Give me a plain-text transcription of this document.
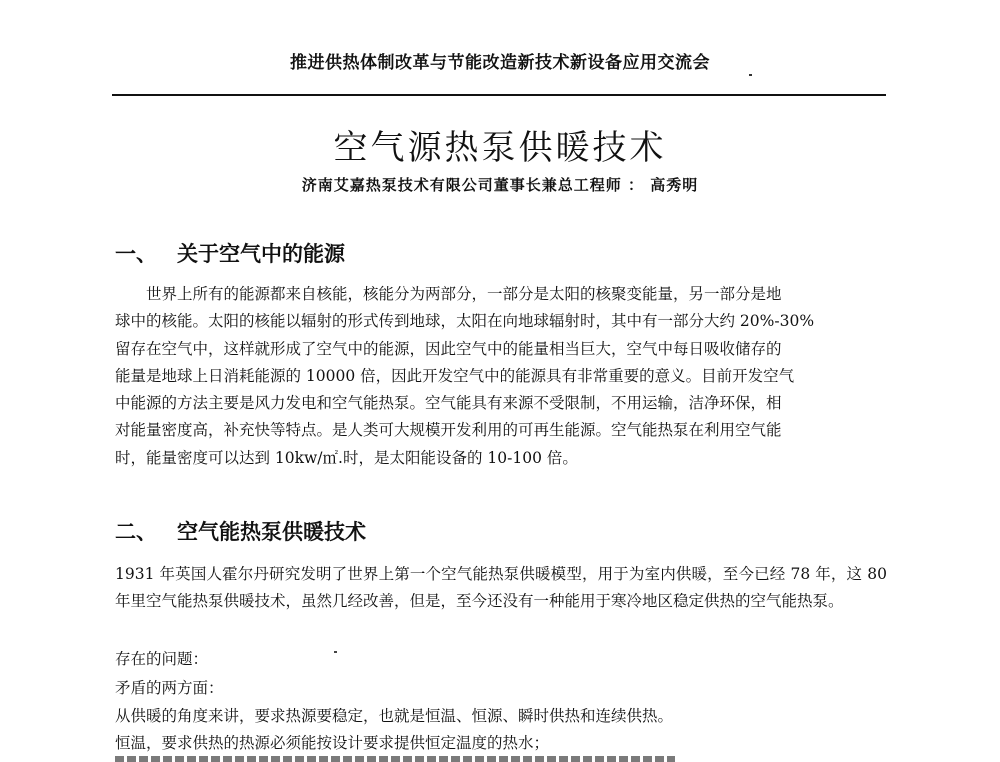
推进供热体制改革与节能改造新技术新设备应用交流会
空气源热泵供暖技术
济南艾嘉热泵技术有限公司董事长兼总工程师 ： 高秀明
一、 关于空气中的能源
　　世界上所有的能源都来自核能，核能分为两部分，一部分是太阳的核聚变能量，另一部分是地
球中的核能。太阳的核能以辐射的形式传到地球，太阳在向地球辐射时，其中有一部分大约 20%-30%
留存在空气中，这样就形成了空气中的能源，因此空气中的能量相当巨大，空气中每日吸收储存的
能量是地球上日消耗能源的 10000 倍，因此开发空气中的能源具有非常重要的意义。目前开发空气
中能源的方法主要是风力发电和空气能热泵。空气能具有来源不受限制，不用运输，洁净环保，相
对能量密度高，补充快等特点。是人类可大规模开发利用的可再生能源。空气能热泵在利用空气能
时，能量密度可以达到 10kw/㎡.时，是太阳能设备的 10-100 倍。
二、 空气能热泵供暖技术
1931 年英国人霍尔丹研究发明了世界上第一个空气能热泵供暖模型，用于为室内供暖，至今已经 78 年，这 80 年里空气能热泵供暖技术，虽然几经改善，但是，至今还没有一种能用于寒冷地区稳定供热的空气能热泵。
存在的问题：
矛盾的两方面：
从供暖的角度来讲，要求热源要稳定，也就是恒温、恒源、瞬时供热和连续供热。
恒温，要求供热的热源必须能按设计要求提供恒定温度的热水；
